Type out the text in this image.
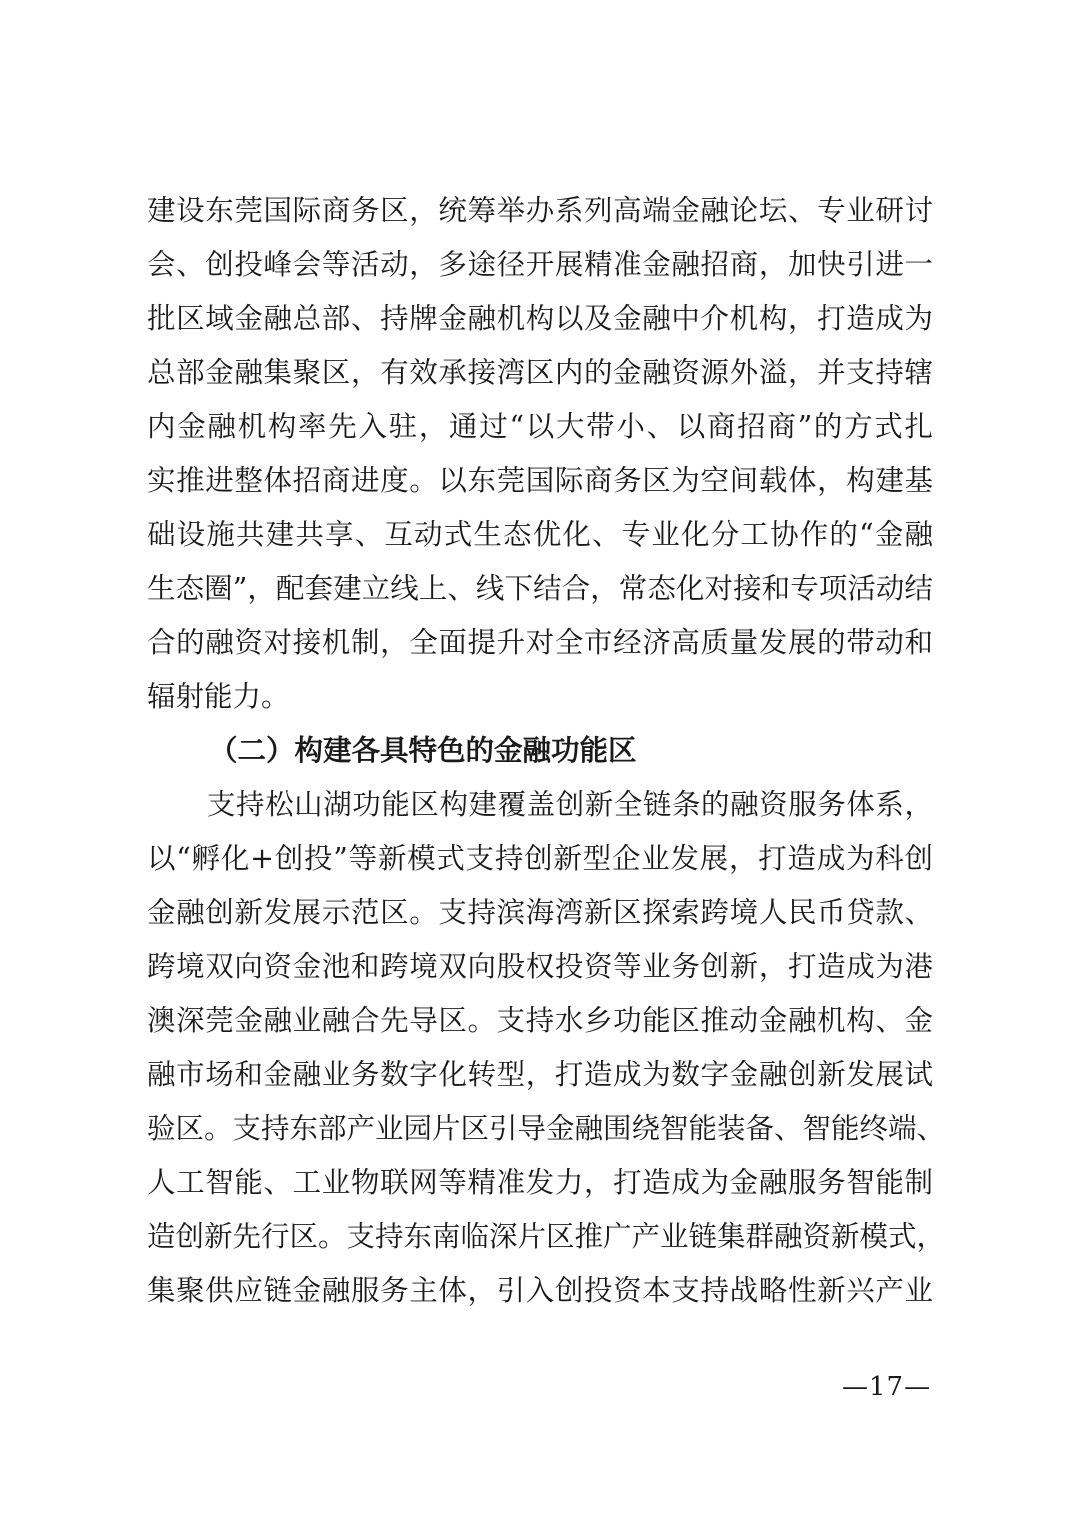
建设东莞国际商务区，统筹举办系列高端金融论坛、专业研讨
会、创投峰会等活动，多途径开展精准金融招商，加快引进一
批区域金融总部、持牌金融机构以及金融中介机构，打造成为
总部金融集聚区，有效承接湾区内的金融资源外溢，并支持辖
内金融机构率先入驻，通过“以大带小、以商招商”的方式扎
实推进整体招商进度。以东莞国际商务区为空间载体，构建基
础设施共建共享、互动式生态优化、专业化分工协作的“金融
生态圈”，配套建立线上、线下结合，常态化对接和专项活动结
合的融资对接机制，全面提升对全市经济高质量发展的带动和
辐射能力。
（二）构建各具特色的金融功能区
支持松山湖功能区构建覆盖创新全链条的融资服务体系，
以“孵化+创投”等新模式支持创新型企业发展，打造成为科创
金融创新发展示范区。支持滨海湾新区探索跨境人民币贷款、
跨境双向资金池和跨境双向股权投资等业务创新，打造成为港
澳深莞金融业融合先导区。支持水乡功能区推动金融机构、金
融市场和金融业务数字化转型，打造成为数字金融创新发展试
验区。支持东部产业园片区引导金融围绕智能装备、智能终端、
人工智能、工业物联网等精准发力，打造成为金融服务智能制
造创新先行区。支持东南临深片区推广产业链集群融资新模式，
集聚供应链金融服务主体，引入创投资本支持战略性新兴产业
—17—
